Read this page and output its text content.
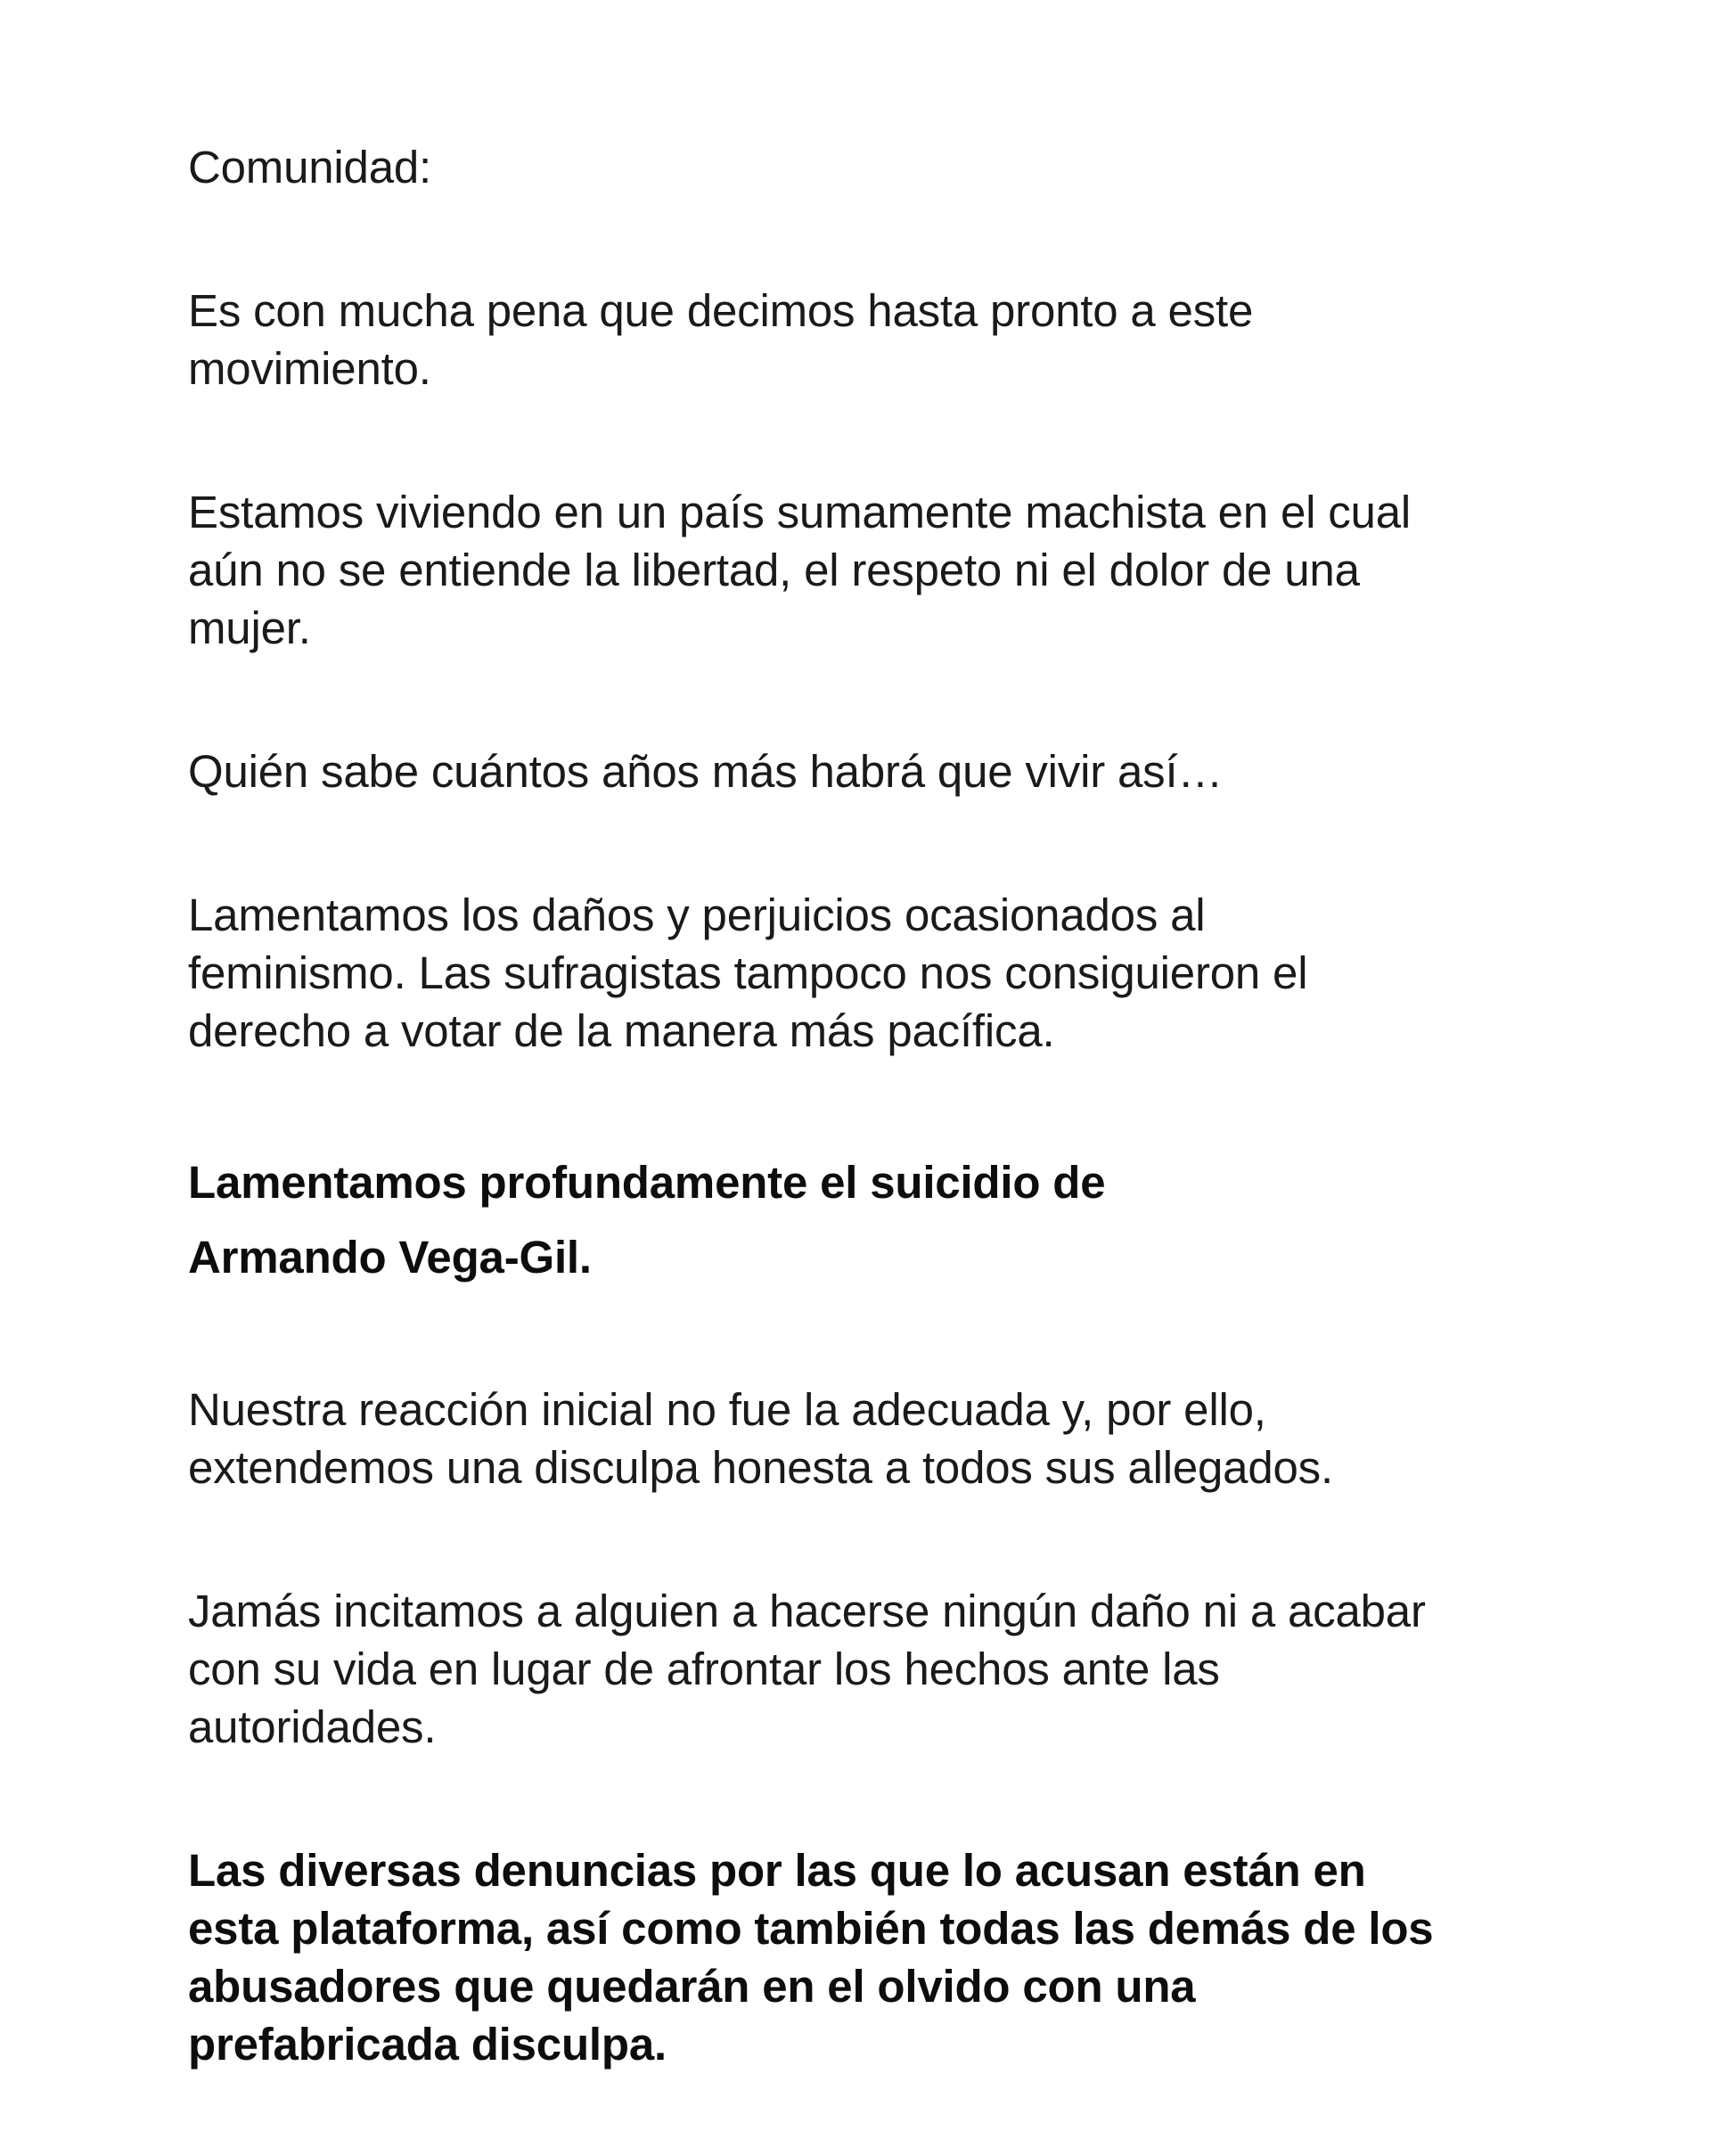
Comunidad:

Es con mucha pena que decimos hasta pronto a este
movimiento.

Estamos viviendo en un país sumamente machista en el cual
aún no se entiende la libertad, el respeto ni el dolor de una
mujer.

Quién sabe cuántos años más habrá que vivir así…

Lamentamos los daños y perjuicios ocasionados al
feminismo. Las sufragistas tampoco nos consiguieron el
derecho a votar de la manera más pacífica.

Lamentamos profundamente el suicidio de
Armando Vega-Gil.

Nuestra reacción inicial no fue la adecuada y, por ello,
extendemos una disculpa honesta a todos sus allegados.

Jamás incitamos a alguien a hacerse ningún daño ni a acabar
con su vida en lugar de afrontar los hechos ante las
autoridades.

Las diversas denuncias por las que lo acusan están en
esta plataforma, así como también todas las demás de los
abusadores que quedarán en el olvido con una
prefabricada disculpa.
